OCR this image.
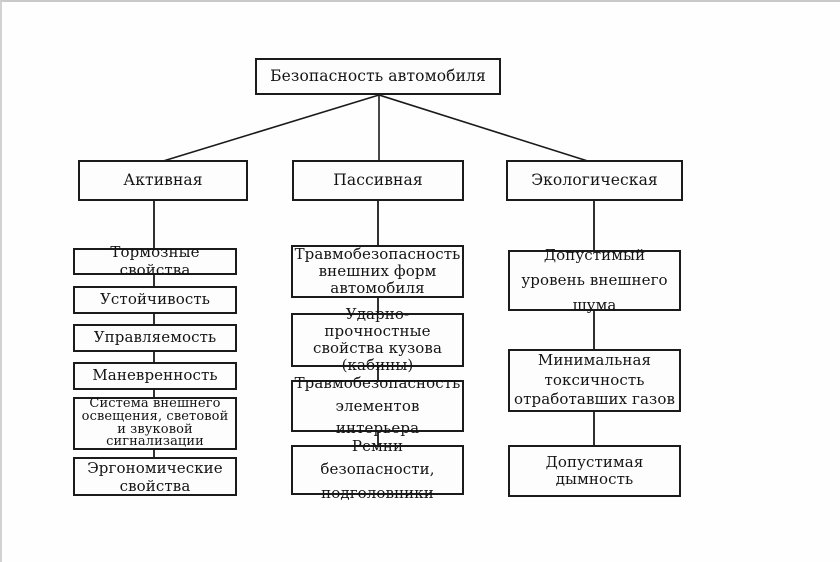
Безопасность автомобиля
Активная	Пассивная	Экологическая
Тормозные свойства
Устойчивость
Управляемость
Маневренность
Система внешнего освещения, световой и звуковой сигнализации
Эргономические свойства
Травмобезопасность внешних форм автомобиля
Ударно-прочностные свойства кузова (кабины)
Травмобезопасность элементов интерьера
Ремни безопасности, подголовники
Допустимый уровень внешнего шума
Минимальная токсичность отработавших газов
Допустимая дымность
